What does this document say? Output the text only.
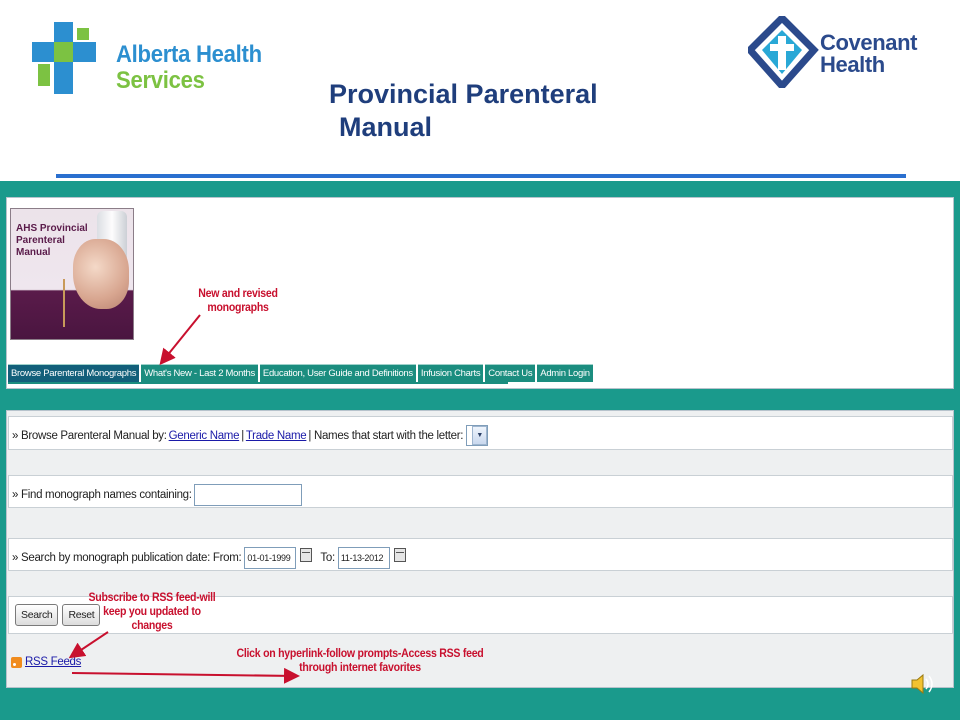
Alberta Health
Services
Covenant
Health
Provincial Parenteral
Manual
AHS Provincial Parenteral Manual
Browse Parenteral Monographs What's New - Last 2 Months Education, User Guide and Definitions Infusion Charts Contact Us Admin Login
» Browse Parenteral Manual by: Generic Name | Trade Name | Names that start with the letter:	▼
» Find monograph names containing:
» Search by monograph publication date: From: 01-01-1999	To: 11-13-2012
Search	Reset
RSS Feeds
New and revised monographs
Subscribe to RSS feed-will keep you updated to changes
Click on hyperlink-follow prompts-Access RSS feed through internet favorites
